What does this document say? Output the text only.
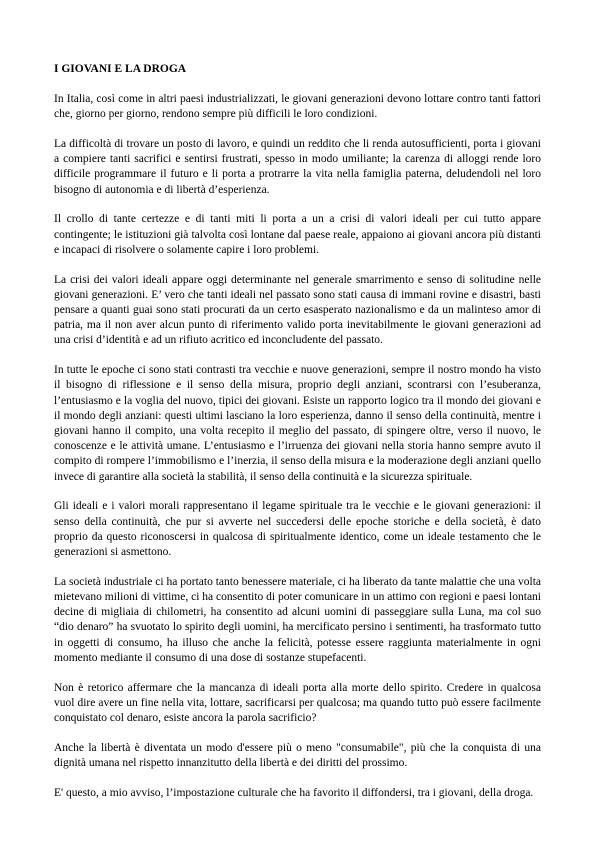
I GIOVANI E LA DROGA

In Italia, così come in altri paesi industrializzati, le giovani generazioni devono lottare contro tanti fattori che, giorno per giorno, rendono sempre più difficili le loro condizioni.

La difficoltà di trovare un posto di lavoro, e quindi un reddito che li renda autosufficienti, porta i giovani a compiere tanti sacrifici e sentirsi frustrati, spesso in modo umiliante; la carenza di alloggi rende loro difficile programmare il futuro e li porta a protrarre la vita nella famiglia paterna, deludendoli nel loro bisogno di autonomia e di libertà d’esperienza.

Il crollo di tante certezze e di tanti miti li porta a un a crisi di valori ideali per cui tutto appare contingente; le istituzioni già talvolta così lontane dal paese reale, appaiono ai giovani ancora più distanti e incapaci di risolvere o solamente capire i loro problemi.

La crisi dei valori ideali appare oggi determinante nel generale smarrimento e senso di solitudine nelle giovani generazioni. E’ vero che tanti ideali nel passato sono stati causa di immani rovine e disastri, basti pensare a quanti guai sono stati procurati da un certo esasperato nazionalismo e da un malinteso amor di patria, ma il non aver alcun punto di riferimento valido porta inevitabilmente le giovani generazioni ad una crisi d’identità e ad un rifiuto acritico ed inconcludente del passato.

In tutte le epoche ci sono stati contrasti tra vecchie e nuove generazioni, sempre il nostro mondo ha visto il bisogno di riflessione e il senso della misura, proprio degli anziani, scontrarsi con l’esuberanza, l’entusiasmo e la voglia del nuovo, tipici dei giovani. Esiste un rapporto logico tra il mondo dei giovani e il mondo degli anziani: questi ultimi lasciano la loro esperienza, danno il senso della continuità, mentre i giovani hanno il compito, una volta recepito il meglio del passato, di spingere oltre, verso il nuovo, le conoscenze e le attività umane. L’entusiasmo e l’irruenza dei giovani nella storia hanno sempre avuto il compito di rompere l’immobilismo e l’inerzia, il senso della misura e la moderazione degli anziani quello invece di garantire alla società la stabilità, il senso della continuità e la sicurezza spirituale.

Gli ideali e i valori morali rappresentano il legame spirituale tra le vecchie e le giovani generazioni: il senso della continuità, che pur si avverte nel succedersi delle epoche storiche e della società, è dato proprio da questo riconoscersi in qualcosa di spiritualmente identico, come un ideale testamento che le generazioni si asmettono.

La società industriale ci ha portato tanto benessere materiale, ci ha liberato da tante malattie che una volta mietevano milioni di vittime, ci ha consentito di poter comunicare in un attimo con regioni e paesi lontani decine di migliaia di chilometri, ha consentito ad alcuni uomini di passeggiare sulla Luna, ma col suo “dio denaro” ha svuotato lo spirito degli uomini, ha mercificato persino i sentimenti, ha trasformato tutto in oggetti di consumo, ha illuso che anche la felicità, potesse essere raggiunta materialmente in ogni momento mediante il consumo di una dose di sostanze stupefacenti.

Non è retorico affermare che la mancanza di ideali porta alla morte dello spirito. Credere in qualcosa vuol dire avere un fine nella vita, lottare, sacrificarsi per qualcosa; ma quando tutto può essere facilmente conquistato col denaro, esiste ancora la parola sacrificio?

Anche la libertà è diventata un modo d'essere più o meno "consumabile", più che la conquista di una dignità umana nel rispetto innanzitutto della libertà e dei diritti del prossimo.

E' questo, a mio avviso, l’impostazione culturale che ha favorito il diffondersi, tra i giovani, della droga.
